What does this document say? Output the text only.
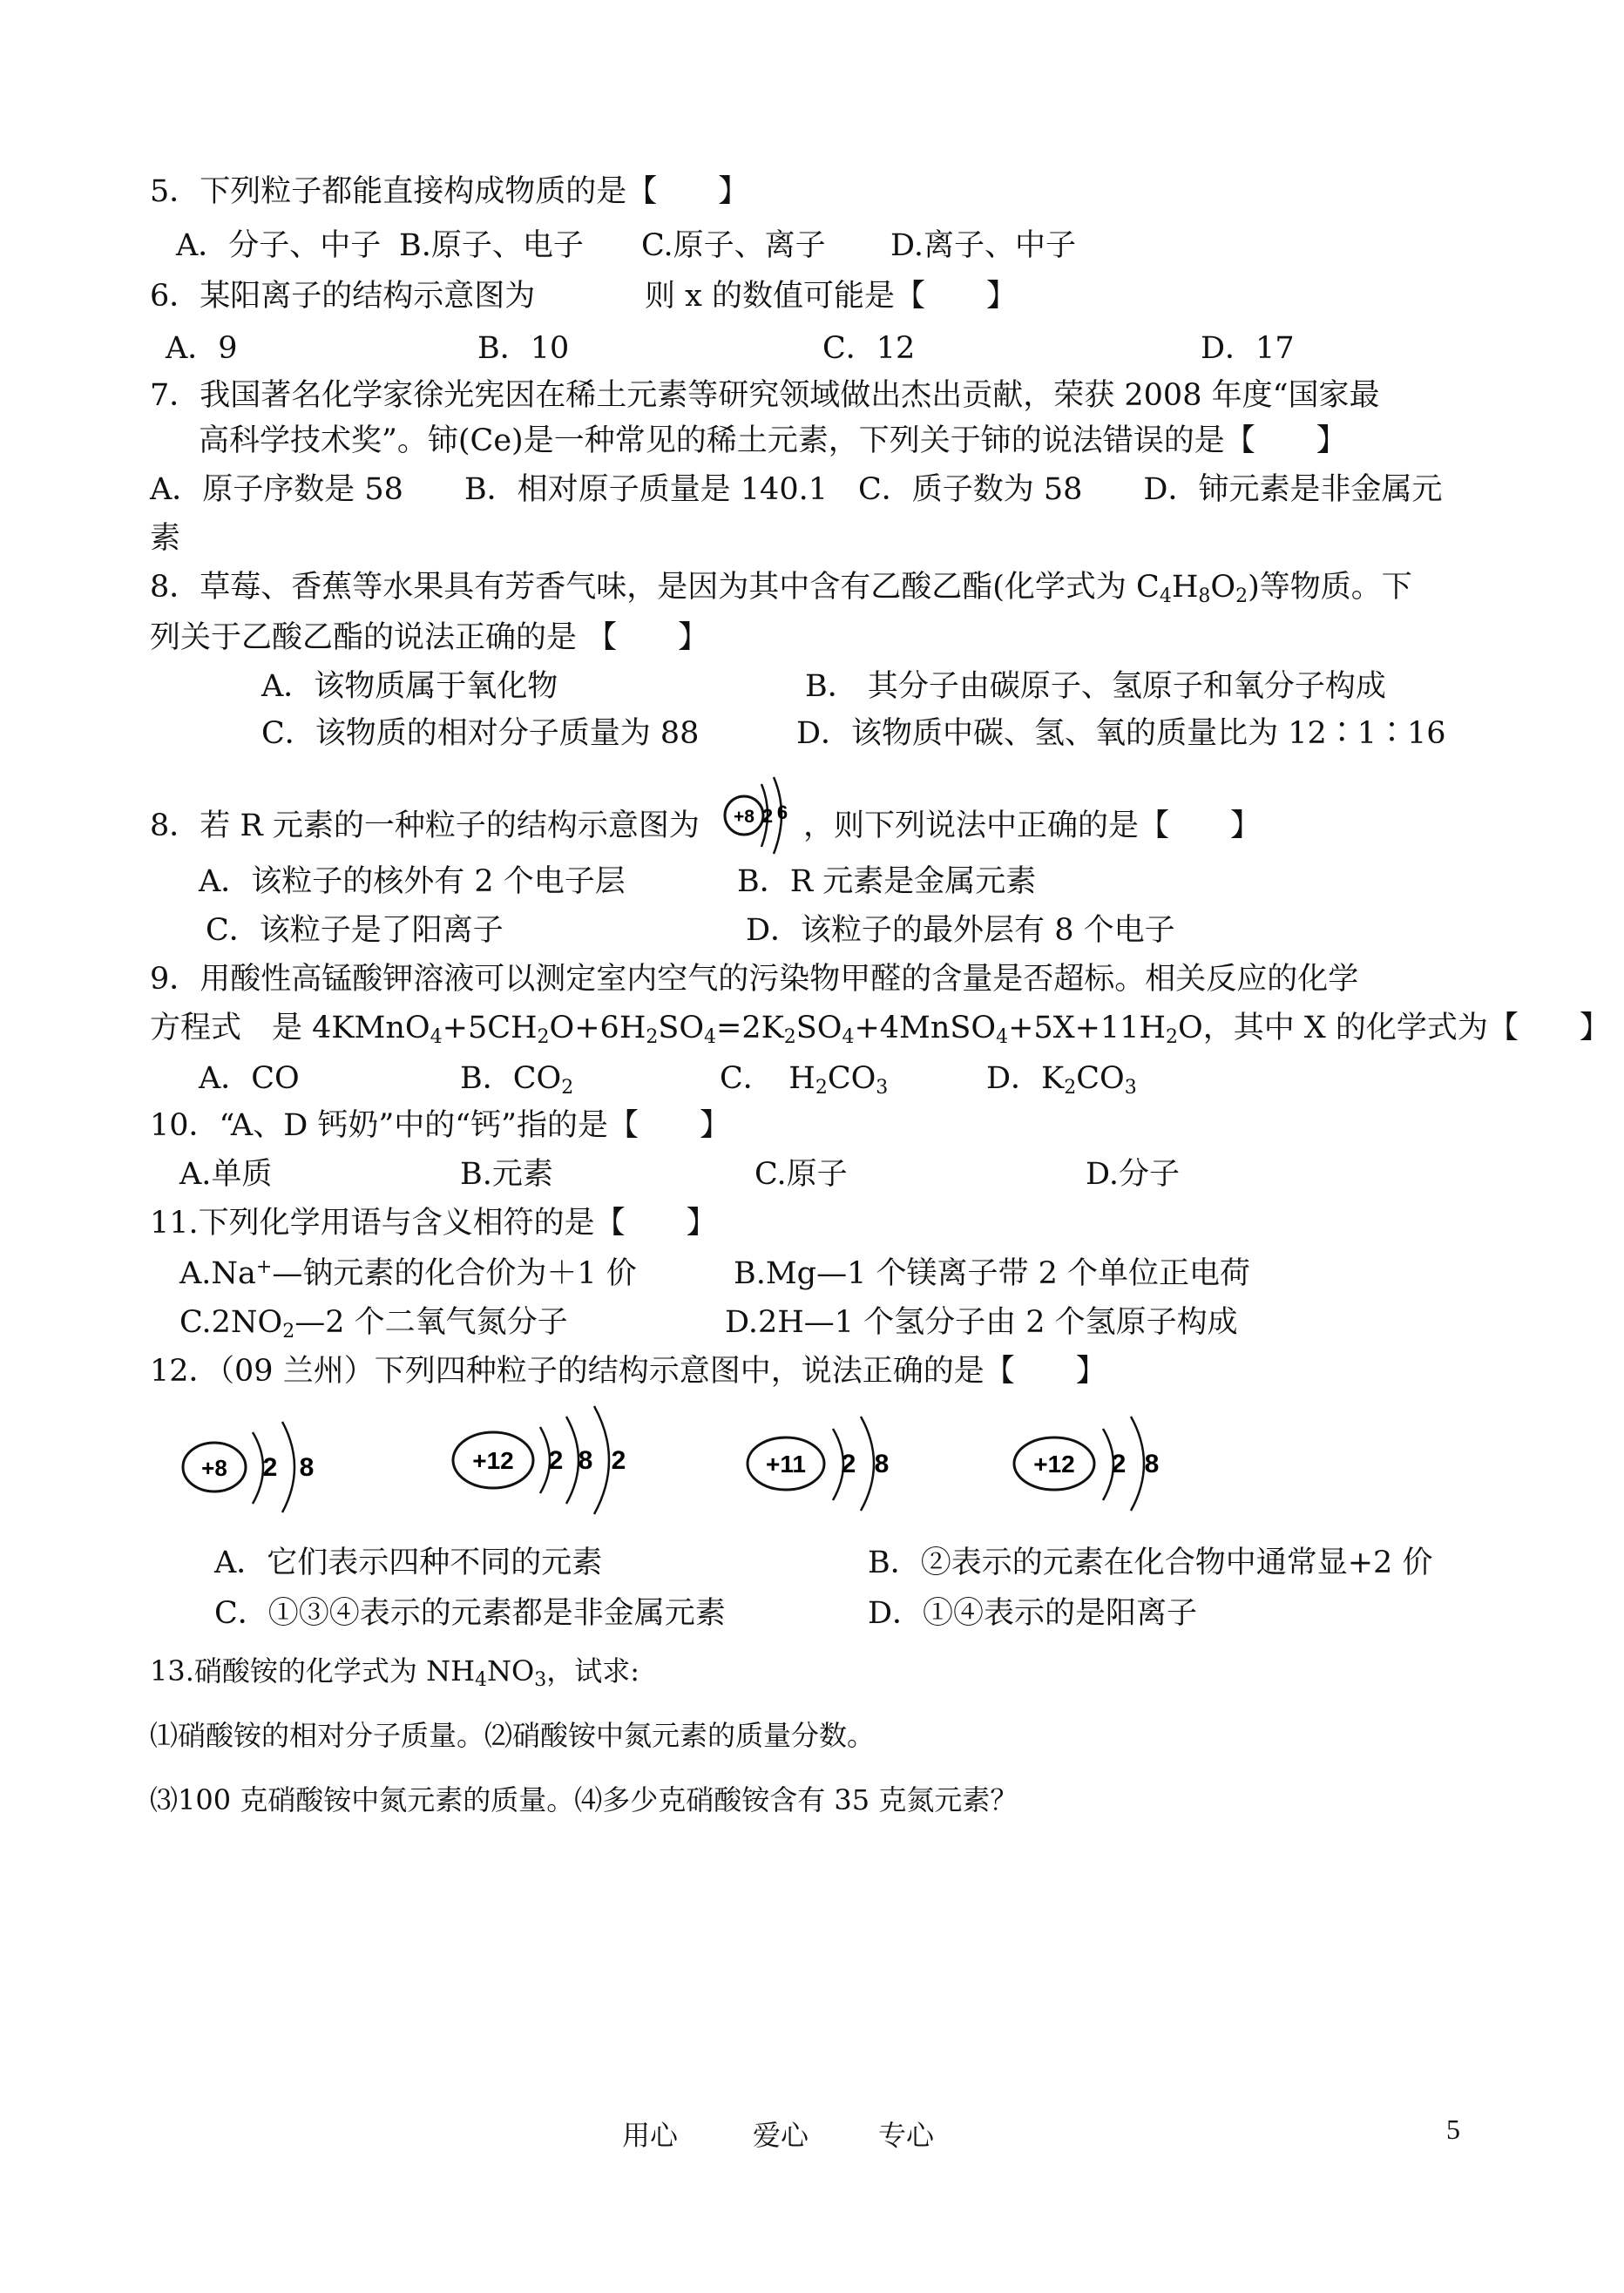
5．下列粒子都能直接构成物质的是【　　】
A．分子、中子 B.原子、电子 C.原子、离子 D.离子、中子
6．某阳离子的结构示意图为	则 x 的数值可能是【　　】
A．9	B．10	C．12	D．17
7．我国著名化学家徐光宪因在稀土元素等研究领域做出杰出贡献，荣获 2008 年度“国家最
高科学技术奖”。铈(Ce)是一种常见的稀土元素，下列关于铈的说法错误的是【　　】
A．原子序数是 58　　B．相对原子质量是 140.1　C．质子数为 58　　D．铈元素是非金属元
素
8．草莓、香蕉等水果具有芳香气味，是因为其中含有乙酸乙酯(化学式为 $C_4H_8O_2$)等物质。下
列关于乙酸乙酯的说法正确的是 【　　】
A．该物质属于氧化物	B． 其分子由碳原子、氢原子和氧分子构成
C．该物质的相对分子质量为 88	D．该物质中碳、氢、氧的质量比为 12∶1∶16
8．若 R 元素的一种粒子的结构示意图为 +8 2 6 ，则下列说法中正确的是【　　】
A．该粒子的核外有 2 个电子层	B．R 元素是金属元素
C．该粒子是了阳离子	D．该粒子的最外层有 8 个电子
9．用酸性高锰酸钾溶液可以测定室内空气的污染物甲醛的含量是否超标。相关反应的化学
方程式　是 $4KMnO_4+5CH_2O+6H_2SO_4=2K_2SO_4+4MnSO_4+5X+11H_2O$，其中 X 的化学式为【　　】
A．CO	B．$CO_2$	C．　$H_2CO_3$	D．$K_2CO_3$
10．“A、D 钙奶”中的“钙”指的是【　　】
A.单质	B.元素	C.原子	D.分子
11.下列化学用语与含义相符的是【　　】
A.Na+—钠元素的化合价为＋1 价	B.Mg—1 个镁离子带 2 个单位正电荷
$C.2NO_2—2$ 个二氧气氮分子	D.2H—1 个氢分子由 2 个氢原子构成
12．（09 兰州）下列四种粒子的结构示意图中，说法正确的是【　　】
+8 2 8	+12 2 8 2	+11 2 8	+12 2 8
A．它们表示四种不同的元素	B．②表示的元素在化合物中通常显+2 价
C．①③④表示的元素都是非金属元素	D．①④表示的是阳离子
13.硝酸铵的化学式为 $NH_4NO_3$，试求:
⑴硝酸铵的相对分子质量。⑵硝酸铵中氮元素的质量分数。
⑶100 克硝酸铵中氮元素的质量。⑷多少克硝酸铵含有 35 克氮元素？
用心	爱心 专心	5
